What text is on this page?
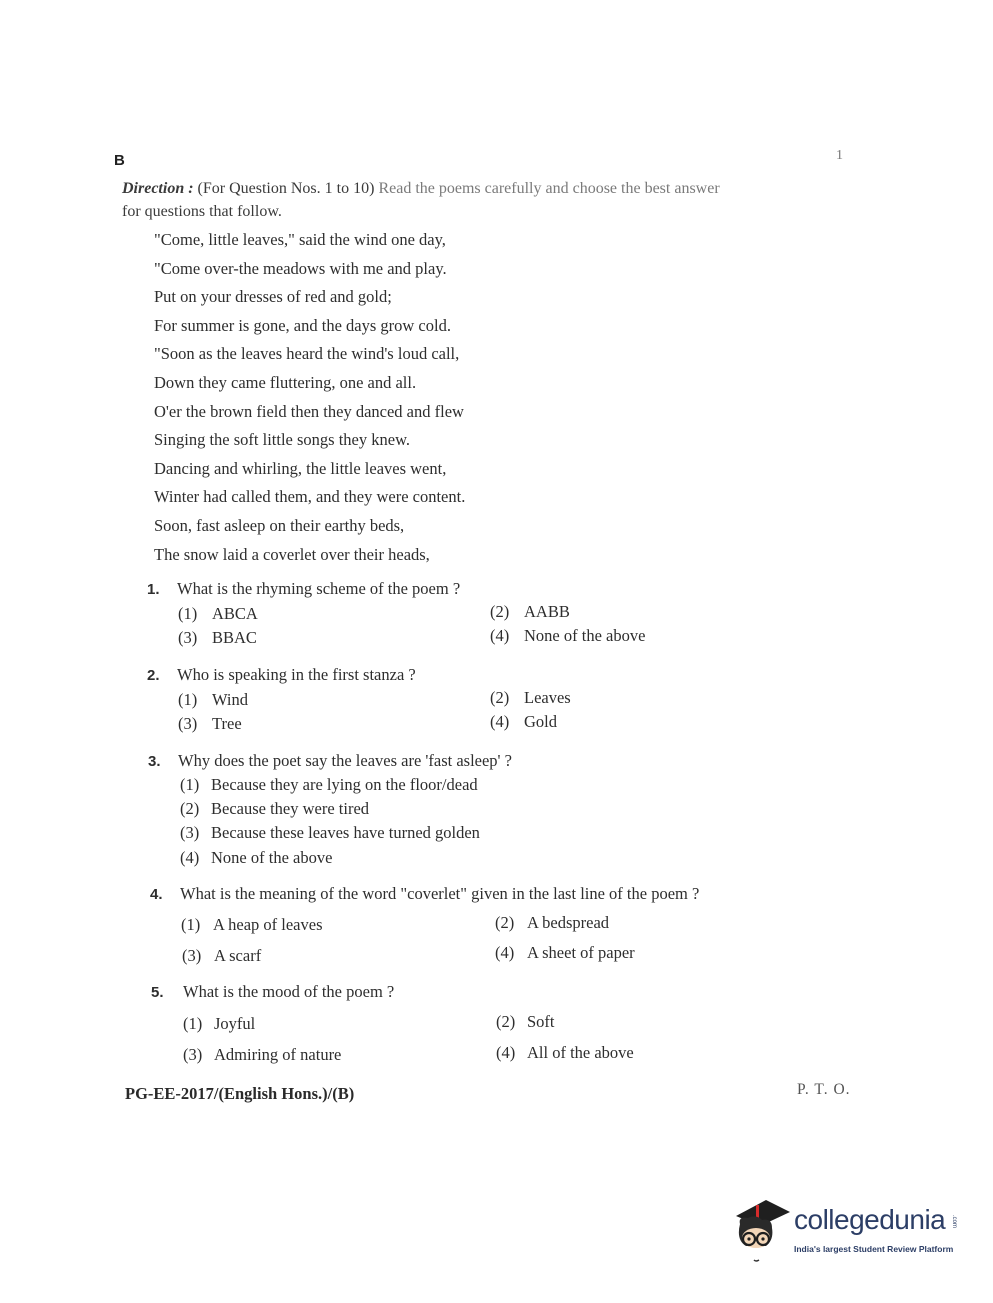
B	1
Direction : (For Question Nos. 1 to 10) Read the poems carefully and choose the best answer
for questions that follow.
"Come, little leaves," said the wind one day,
"Come over-the meadows with me and play.
Put on your dresses of red and gold;
For summer is gone, and the days grow cold.
"Soon as the leaves heard the wind's loud call,
Down they came fluttering, one and all.
O'er the brown field then they danced and flew
Singing the soft little songs they knew.
Dancing and whirling, the little leaves went,
Winter had called them, and they were content.
Soon, fast asleep on their earthy beds,
The snow laid a coverlet over their heads,
1. What is the rhyming scheme of the poem ?
(1) ABCA	(2) AABB
(3) BBAC	(4) None of the above
2. Who is speaking in the first stanza ?
(1) Wind	(2) Leaves
(3) Tree	(4) Gold
3. Why does the poet say the leaves are 'fast asleep' ?
(1) Because they are lying on the floor/dead
(2) Because they were tired
(3) Because these leaves have turned golden
(4) None of the above
4. What is the meaning of the word "coverlet" given in the last line of the poem ?
(1) A heap of leaves	(2) A bedspread
(3) A scarf	(4) A sheet of paper
5. What is the mood of the poem ?
(1) Joyful	(2) Soft
(3) Admiring of nature	(4) All of the above
PG-EE-2017/(English Hons.)/(B)	P. T. O.
collegedunia .com
India's largest Student Review Platform
